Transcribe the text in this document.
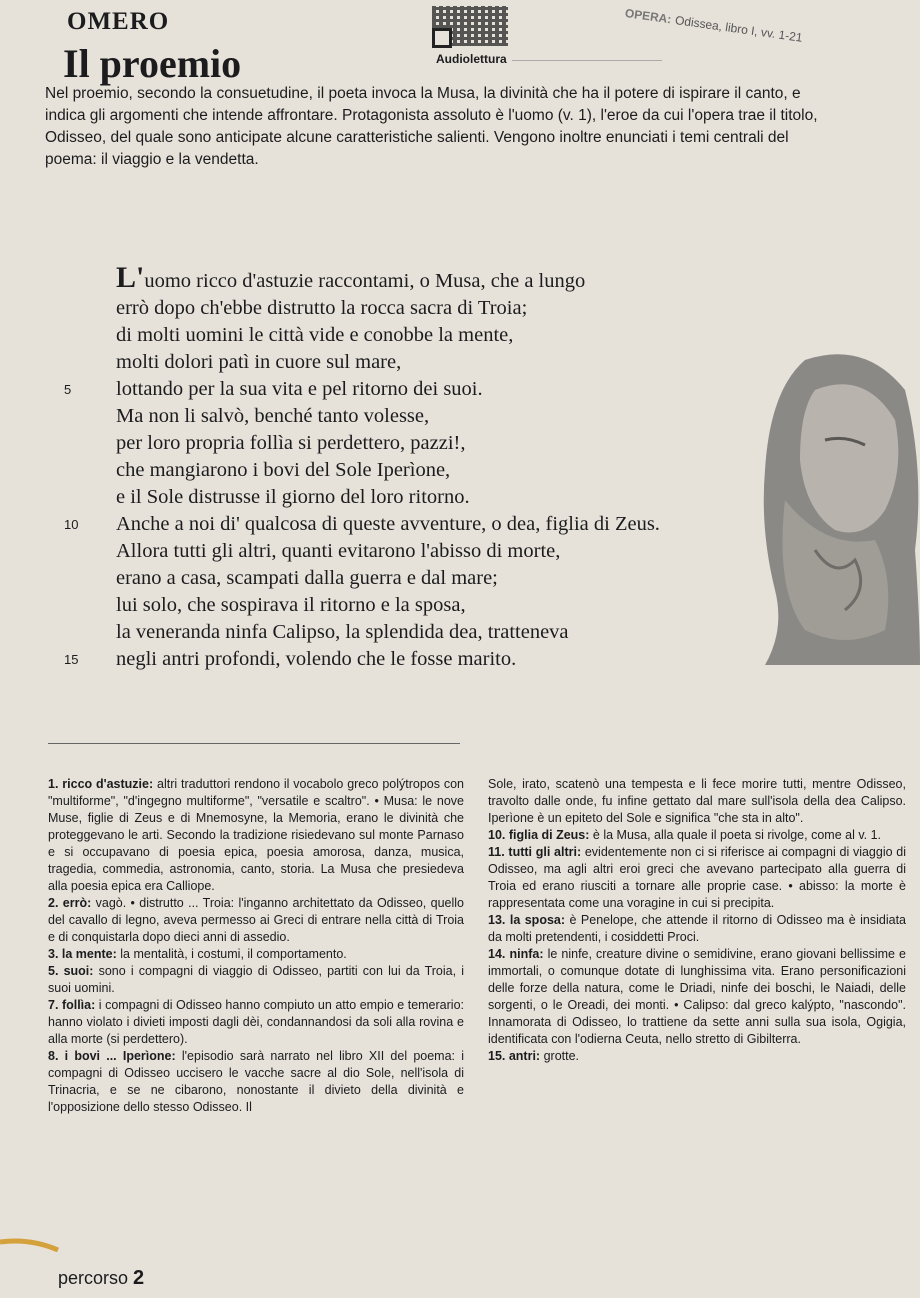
OMERO
Il proemio	Audiolettura
OPERA: Odissea, libro I, vv. 1-21

Nel proemio, secondo la consuetudine, il poeta invoca la Musa, la divinità che ha il potere di ispirare il canto, e indica gli argomenti che intende affrontare. Protagonista assoluto è l'uomo (v. 1), l'eroe da cui l'opera trae il titolo, Odisseo, del quale sono anticipate alcune caratteristiche salienti. Vengono inoltre enunciati i temi centrali del poema: il viaggio e la vendetta.

L'uomo ricco d'astuzie raccontami, o Musa, che a lungo
errò dopo ch'ebbe distrutto la rocca sacra di Troia;
di molti uomini le città vide e conobbe la mente,
molti dolori patì in cuore sul mare,
5 lottando per la sua vita e pel ritorno dei suoi.
Ma non li salvò, benché tanto volesse,
per loro propria follìa si perdettero, pazzi!,
che mangiarono i bovi del Sole Iperìone,
e il Sole distrusse il giorno del loro ritorno.
10 Anche a noi di' qualcosa di queste avventure, o dea, figlia di Zeus.
Allora tutti gli altri, quanti evitarono l'abisso di morte,
erano a casa, scampati dalla guerra e dal mare;
lui solo, che sospirava il ritorno e la sposa,
la veneranda ninfa Calipso, la splendida dea, tratteneva
15 negli antri profondi, volendo che le fosse marito.

1. ricco d'astuzie: altri traduttori rendono il vocabolo greco polýtropos con "multiforme", "d'ingegno multiforme", "versatile e scaltro". • Musa: le nove Muse, figlie di Zeus e di Mnemosyne, la Memoria, erano le divinità che proteggevano le arti. Secondo la tradizione risiedevano sul monte Parnaso e si occupavano di poesia epica, poesia amorosa, danza, musica, tragedia, commedia, astronomia, canto, storia. La Musa che presiedeva alla poesia epica era Calliope.

2. errò: vagò. • distrutto ... Troia: l'inganno architettato da Odisseo, quello del cavallo di legno, aveva permesso ai Greci di entrare nella città di Troia e di conquistarla dopo dieci anni di assedio.

3. la mente: la mentalità, i costumi, il comportamento.

5. suoi: sono i compagni di viaggio di Odisseo, partiti con lui da Troia, i suoi uomini.

7. follìa: i compagni di Odisseo hanno compiuto un atto empio e temerario: hanno violato i divieti imposti dagli dèi, condannandosi da soli alla rovina e alla morte (si perdettero).

8. i bovi ... Iperìone: l'episodio sarà narrato nel libro XII del poema: i compagni di Odisseo uccisero le vacche sacre al dio Sole, nell'isola di Trinacria, e se ne cibarono, nonostante il divieto della divinità e l'opposizione dello stesso Odisseo. Il

Sole, irato, scatenò una tempesta e li fece morire tutti, mentre Odisseo, travolto dalle onde, fu infine gettato dal mare sull'isola della dea Calipso. Iperìone è un epiteto del Sole e significa "che sta in alto".

10. figlia di Zeus: è la Musa, alla quale il poeta si rivolge, come al v. 1.

11. tutti gli altri: evidentemente non ci si riferisce ai compagni di viaggio di Odisseo, ma agli altri eroi greci che avevano partecipato alla guerra di Troia ed erano riusciti a tornare alle proprie case. • abisso: la morte è rappresentata come una voragine in cui si precipita.

13. la sposa: è Penelope, che attende il ritorno di Odisseo ma è insidiata da molti pretendenti, i cosiddetti Proci.

14. ninfa: le ninfe, creature divine o semidivine, erano giovani bellissime e immortali, o comunque dotate di lunghissima vita. Erano personificazioni delle forze della natura, come le Driadi, ninfe dei boschi, le Naiadi, delle sorgenti, o le Oreadi, dei monti. • Calipso: dal greco kalýpto, "nascondo". Innamorata di Odisseo, lo trattiene da sette anni sulla sua isola, Ogigia, identificata con l'odierna Ceuta, nello stretto di Gibilterra.

15. antri: grotte.

percorso 2
